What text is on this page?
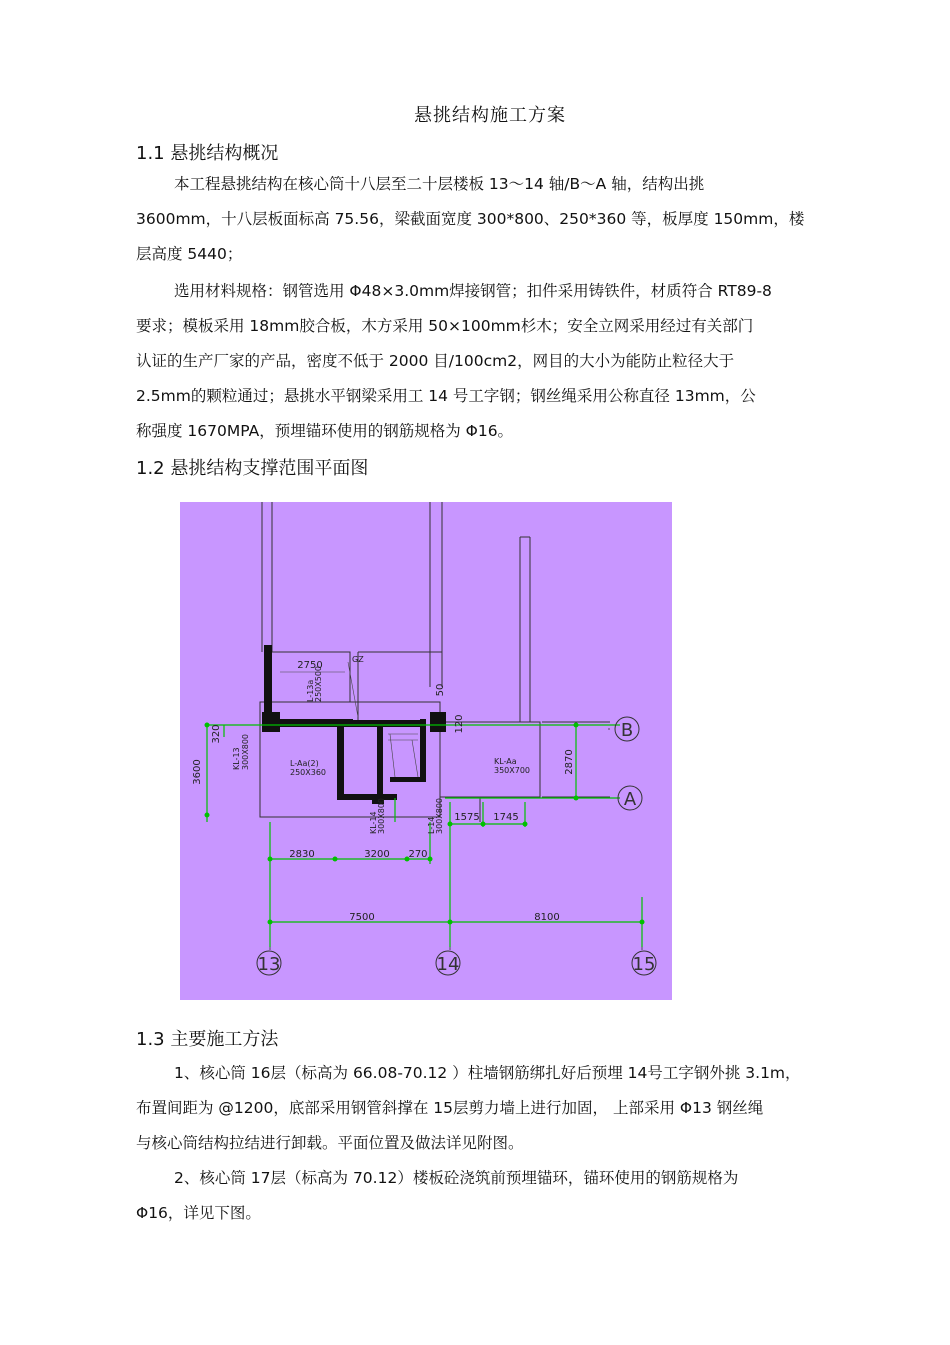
悬挑结构施工方案
1.1 悬挑结构概况

本工程悬挑结构在核心筒十八层至二十层楼板 13～14 轴/B～A 轴，结构出挑

3600mm，十八层板面标高 75.56，梁截面宽度 300*800、250*360 等，板厚度 150mm，楼

层高度 5440；

选用材料规格：钢管选用 Φ48×3.0mm焊接钢管；扣件采用铸铁件，材质符合 RT89-8

要求；模板采用 18mm胶合板，木方采用 50×100mm杉木；安全立网采用经过有关部门

认证的生产厂家的产品，密度不低于 2000 目/100cm2，网目的大小为能防止粒径大于

2.5mm的颗粒通过；悬挑水平钢梁采用工 14 号工字钢；钢丝绳采用公称直径 13mm，公

称强度 1670MPA，预埋锚环使用的钢筋规格为 Φ16。

1.2 悬挑结构支撑范围平面图
13	14	15
B
A
2750
3600
320
2830	3200 270
1575 1745
2870
7500	8100
120
50
GZ
L-13a 250X500
KL-13 300X800	L-Aa(2)
250X360
KL-Aa
350X700
KL-14 300X800	L-14 300X800
1.3 主要施工方法

1、核心筒 16层（标高为 66.08-70.12 ）柱墙钢筋绑扎好后预埋 14号工字钢外挑 3.1m，

布置间距为 @1200，底部采用钢管斜撑在 15层剪力墙上进行加固， 上部采用 Φ13 钢丝绳

与核心筒结构拉结进行卸载。平面位置及做法详见附图。

2、核心筒 17层（标高为 70.12）楼板砼浇筑前预埋锚环，锚环使用的钢筋规格为

Φ16，详见下图。
